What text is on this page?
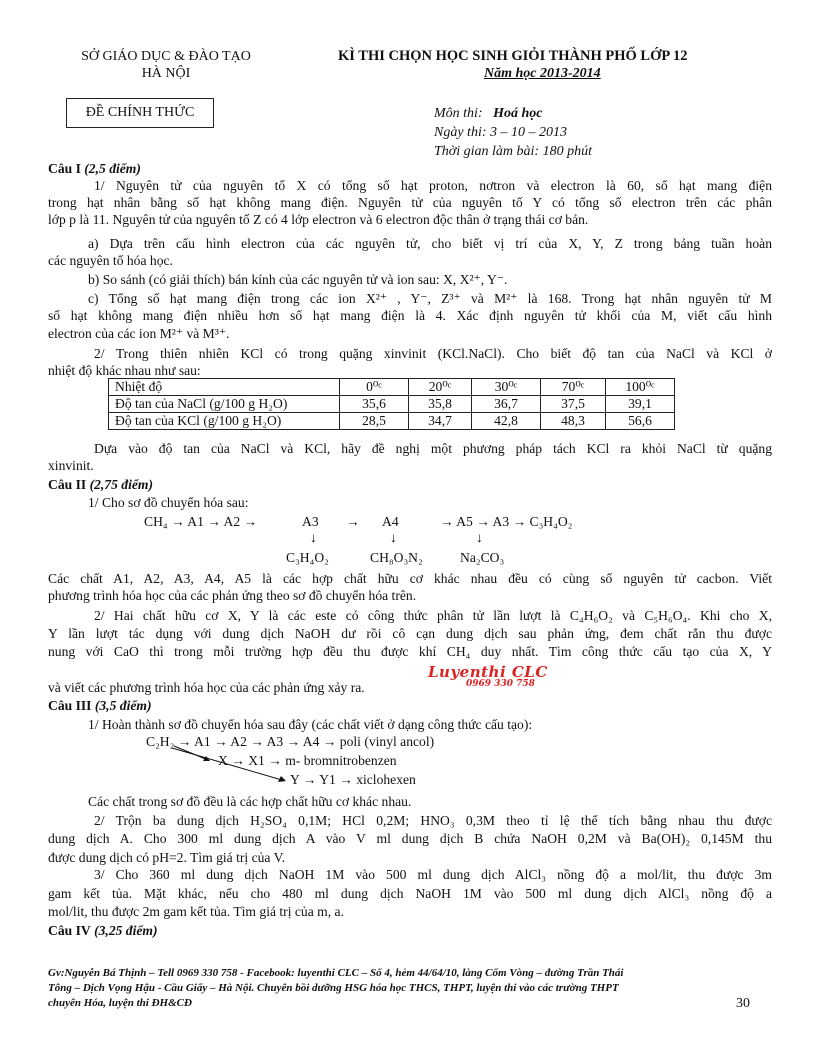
SỞ GIÁO DỤC & ĐÀO TẠO
HÀ NỘI
KÌ THI CHỌN HỌC SINH GIỎI THÀNH PHỐ LỚP 12
Năm học 2013-2014
ĐỀ CHÍNH THỨC	Môn thi: Hoá học
Ngày thi: 3 – 10 – 2013
Thời gian làm bài: 180 phút
Câu I (2,5 điểm)
1/ Nguyên tử của nguyên tố X có tổng số hạt proton, nơtron và electron là 60, số hạt mang điện
trong hạt nhân bằng số hạt không mang điện. Nguyên tử của nguyên tố Y có tổng số electron trên các phân
lớp p là 11. Nguyên tử của nguyên tố Z có 4 lớp electron và 6 electron độc thân ở trạng thái cơ bản.
a) Dựa trên cấu hình electron của các nguyên tử, cho biết vị trí của X, Y, Z trong bảng tuần hoàn
các nguyên tố hóa học.
b) So sánh (có giải thích) bán kính của các nguyên tử và ion sau: X, X²⁺, Y⁻.
c) Tổng số hạt mang điện trong các ion X²⁺ , Y⁻, Z³⁺ và M²⁺ là 168. Trong hạt nhân nguyên tử M
số hạt không mang điện nhiều hơn số hạt mang điện là 4. Xác định nguyên tử khối của M, viết cấu hình
electron của các ion M²⁺ và M³⁺.
2/ Trong thiên nhiên KCl có trong quặng xinvinit (KCl.NaCl). Cho biết độ tan của NaCl và KCl ở
nhiệt độ khác nhau như sau:
Nhiệt độ	0⁰ᶜ	20⁰ᶜ	30⁰ᶜ	70⁰ᶜ	100⁰ᶜ
Độ tan của NaCl (g/100 g H₂O)	35,6	35,8	36,7	37,5	39,1
Độ tan của KCl (g/100 g H₂O)	28,5	34,7	42,8	48,3	56,6
Dựa vào độ tan của NaCl và KCl, hãy đề nghị một phương pháp tách KCl ra khỏi NaCl từ quặng
xinvinit.
Câu II (2,75 điểm)
1/ Cho sơ đồ chuyển hóa sau:
CH₄ → A1 → A2 →	A3 → A4	→ A5 → A3 → C₃H₄O₂
↓	↓	↓
C₃H₄O₂	CH₈O₃N₂	Na₂CO₃
Các chất A1, A2, A3, A4, A5 là các hợp chất hữu cơ khác nhau đều có cùng số nguyên tử cacbon. Viết
phương trình hóa học của các phản ứng theo sơ đồ chuyển hóa trên.
2/ Hai chất hữu cơ X, Y là các este có công thức phân tử lần lượt là C₄H₆O₂ và C₅H₆O₄. Khi cho X,
Y lần lượt tác dụng với dung dịch NaOH dư rồi cô cạn dung dịch sau phản ứng, đem chất rắn thu được
nung với CaO thì trong mỗi trường hợp đều thu được khí CH₄ duy nhất. Tìm công thức cấu tạo của X, Y
và viết các phương trình hóa học của các phản ứng xảy ra.
Luyenthi CLC
0969 330 758
Câu III (3,5 điểm)
1/ Hoàn thành sơ đồ chuyển hóa sau đây (các chất viết ở dạng công thức cấu tạo):
C₂H₂ → A1 → A2 → A3 → A4 → poli (vinyl ancol)
X → X1 → m- bromnitrobenzen
Y → Y1 → xiclohexen
Các chất trong sơ đồ đều là các hợp chất hữu cơ khác nhau.
2/ Trộn ba dung dịch H₂SO₄ 0,1M; HCl 0,2M; HNO₃ 0,3M theo tỉ lệ thể tích bằng nhau thu được
dung dịch A. Cho 300 ml dung dịch A vào V ml dung dịch B chứa NaOH 0,2M và Ba(OH)₂ 0,145M thu
được dung dịch có pH=2. Tìm giá trị của V.
3/ Cho 360 ml dung dịch NaOH 1M vào 500 ml dung dịch AlCl₃ nồng độ a mol/lit, thu được 3m
gam kết tủa. Mặt khác, nếu cho 480 ml dung dịch NaOH 1M vào 500 ml dung dịch AlCl₃ nồng độ a
mol/lit, thu được 2m gam kết tủa. Tìm giá trị của m, a.
Câu IV (3,25 điểm)
Gv:Nguyễn Bá Thịnh – Tell 0969 330 758 - Facebook: luyenthi CLC – Số 4, hẻm 44/64/10, làng Cốm Vòng – đường Trần Thái
Tông – Dịch Vọng Hậu - Cầu Giấy – Hà Nội. Chuyên bồi dưỡng HSG hóa học THCS, THPT, luyện thi vào các trường THPT
chuyên Hóa, luyện thi ĐH&CĐ	30
